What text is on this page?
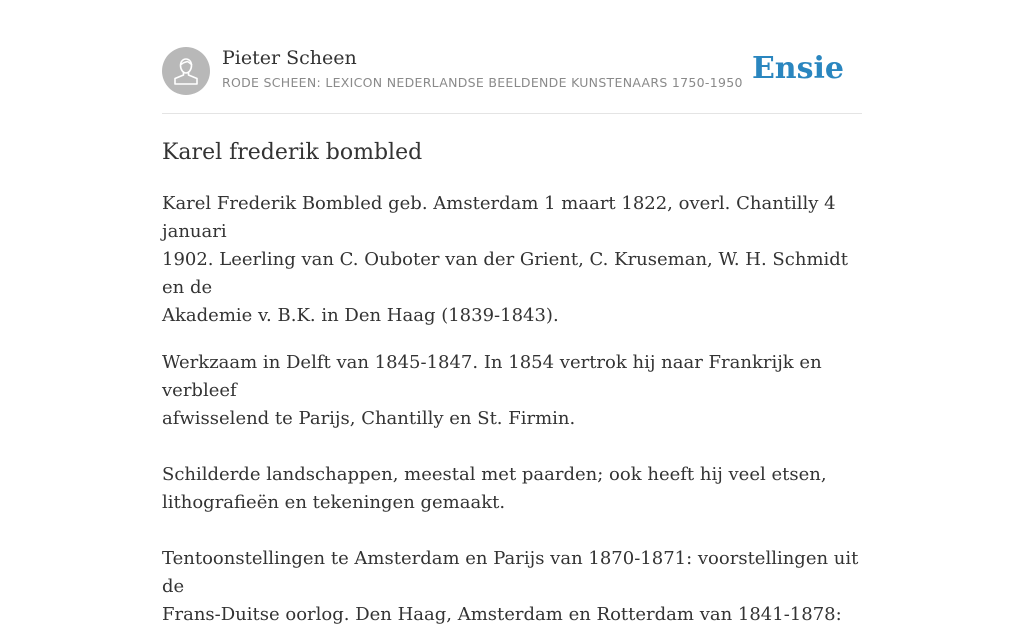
Pieter Scheen
RODE SCHEEN: LEXICON NEDERLANDSE BEELDENDE KUNSTENAARS 1750-1950 Ensie
Karel frederik bombled

Karel Frederik Bombled geb. Amsterdam 1 maart 1822, overl. Chantilly 4 januari
1902. Leerling van C. Ouboter van der Grient, C. Kruseman, W. H. Schmidt en de
Akademie v. B.K. in Den Haag (1839-1843).

Werkzaam in Delft van 1845-1847. In 1854 vertrok hij naar Frankrijk en verbleef
afwisselend te Parijs, Chantilly en St. Firmin.

Schilderde landschappen, meestal met paarden; ook heeft hij veel etsen,
lithografieën en tekeningen gemaakt.

Tentoonstellingen te Amsterdam en Parijs van 1870-1871: voorstellingen uit de
Frans-Duitse oorlog. Den Haag, Amsterdam en Rotterdam van 1841-1878:
